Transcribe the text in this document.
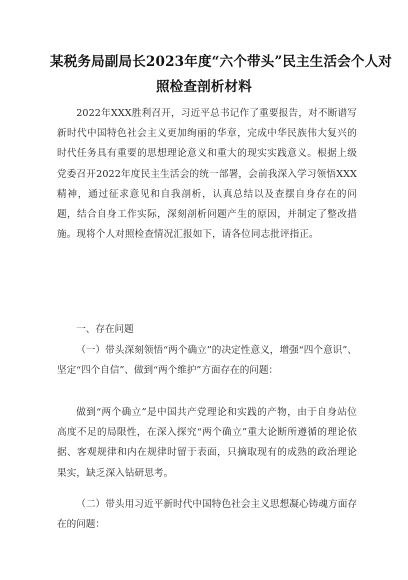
某税务局副局长2023年度“六个带头”民主生活会个人对
照检查剖析材料
2022年XXX胜利召开，习近平总书记作了重要报告，对不断谱写新时代中国特色社会主义更加绚丽的华章，完成中华民族伟大复兴的时代任务具有重要的思想理论意义和重大的现实实践意义。根据上级党委召开2022年度民主生活会的统一部署，会前我深入学习领悟XXX精神，通过征求意见和自我剖析，认真总结以及查摆自身存在的问题，结合自身工作实际，深刻剖析问题产生的原因，并制定了整改措施。现将个人对照检查情况汇报如下，请各位同志批评指正。
一、存在问题
（一）带头深刻领悟“两个确立”的决定性意义，增强“四个意识”、坚定“四个自信”、做到“两个维护”方面存在的问题：
做到“两个确立”是中国共产党理论和实践的产物，由于自身站位高度不足的局限性，在深入探究“两个确立”重大论断所遵循的理论依据、客观规律和内在规律时留于表面，只摘取现有的成熟的政治理论果实，缺乏深入钻研思考。
（二）带头用习近平新时代中国特色社会主义思想凝心铸魂方面存在的问题：
